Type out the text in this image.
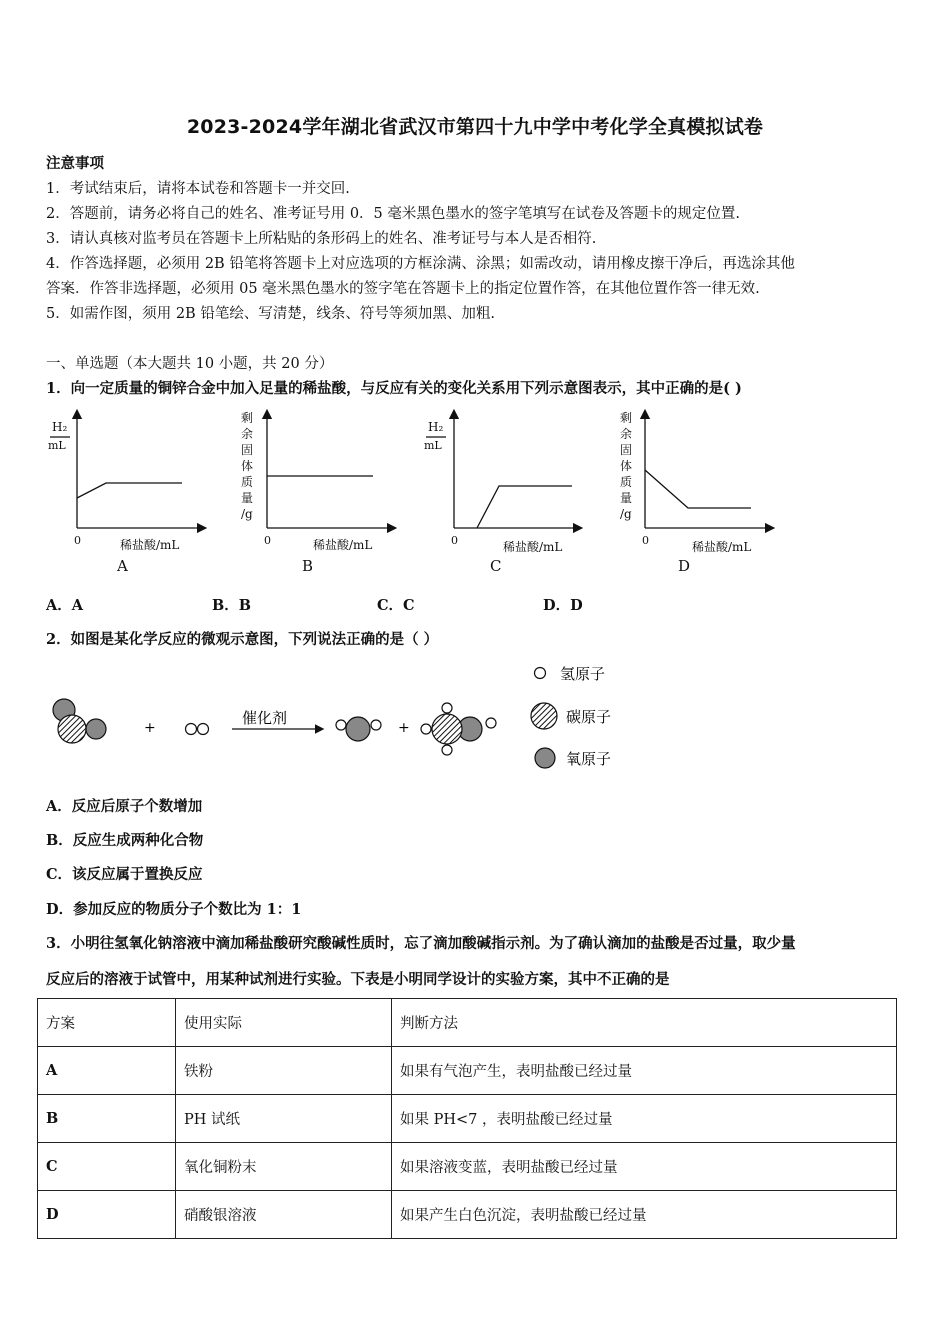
2023-2024学年湖北省武汉市第四十九中学中考化学全真模拟试卷
注意事项
1．考试结束后，请将本试卷和答题卡一并交回.
2．答题前，请务必将自己的姓名、准考证号用 0．5 毫米黑色墨水的签字笔填写在试卷及答题卡的规定位置.
3．请认真核对监考员在答题卡上所粘贴的条形码上的姓名、准考证号与本人是否相符.
4．作答选择题，必须用 2B 铅笔将答题卡上对应选项的方框涂满、涂黑；如需改动，请用橡皮擦干净后，再选涂其他
答案．作答非选择题，必须用 05 毫米黑色墨水的签字笔在答题卡上的指定位置作答，在其他位置作答一律无效.
5．如需作图，须用 2B 铅笔绘、写清楚，线条、符号等须加黑、加粗.
一、单选题（本大题共 10 小题，共 20 分）
1．向一定质量的铜锌合金中加入足量的稀盐酸，与反应有关的变化关系用下列示意图表示，其中正确的是( )
H₂
mL
0	稀盐酸/mL
A
剩
余
固
体
质
量
/g
0	稀盐酸/mL
B
H₂
mL
0	稀盐酸/mL
C
剩
余
固
体
质
量
/g
0	稀盐酸/mL
D
A．A	B．B	C．C	D．D
2．如图是某化学反应的微观示意图，下列说法正确的是（ ）
+
催化剂
+
氢原子
碳原子
氧原子
A．反应后原子个数增加
B．反应生成两种化合物
C．该反应属于置换反应
D．参加反应的物质分子个数比为 1：1
3．小明往氢氧化钠溶液中滴加稀盐酸研究酸碱性质时，忘了滴加酸碱指示剂。为了确认滴加的盐酸是否过量，取少量
反应后的溶液于试管中，用某种试剂进行实验。下表是小明同学设计的实验方案，其中不正确的是
方案	使用实际	判断方法
A	铁粉	如果有气泡产生，表明盐酸已经过量
B	PH 试纸	如果 PH<7 ，表明盐酸已经过量
C	氧化铜粉末	如果溶液变蓝，表明盐酸已经过量
D	硝酸银溶液	如果产生白色沉淀，表明盐酸已经过量
